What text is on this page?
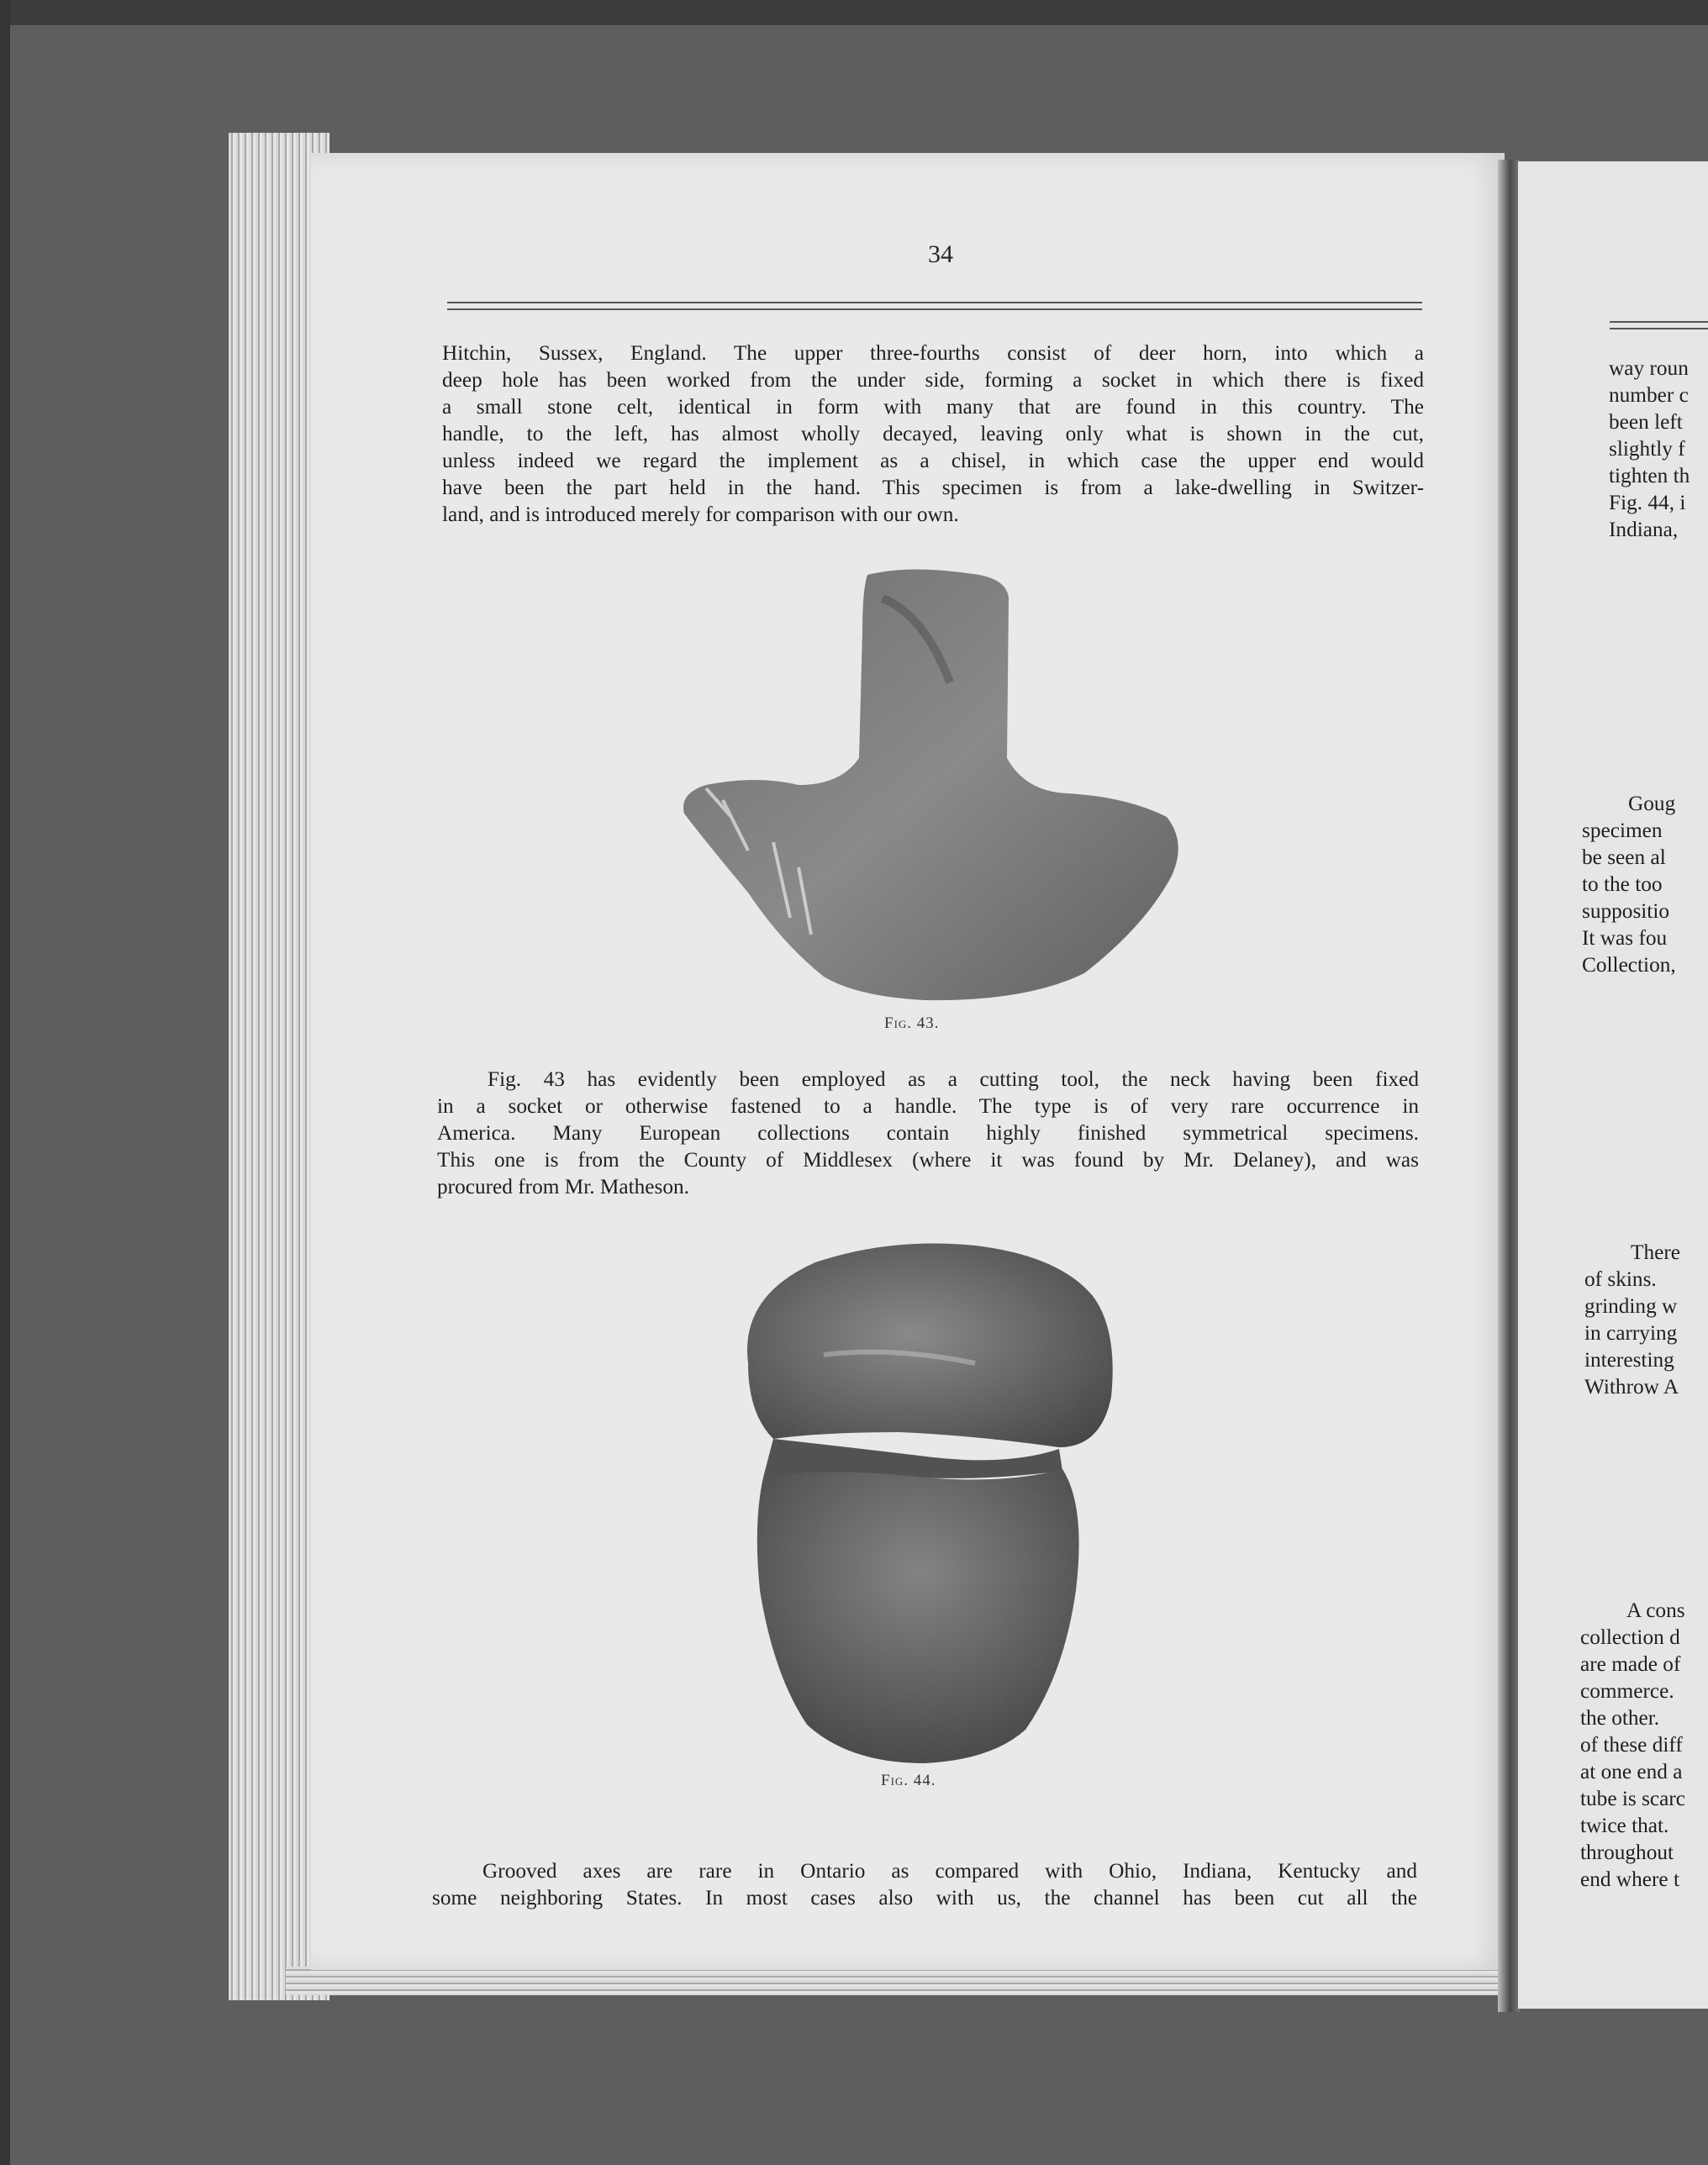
34
Hitchin, Sussex, England. The upper three-fourths consist of deer horn, into which a
deep hole has been worked from the under side, forming a socket in which there is fixed
a small stone celt, identical in form with many that are found in this country. The
handle, to the left, has almost wholly decayed, leaving only what is shown in the cut,
unless indeed we regard the implement as a chisel, in which case the upper end would
have been the part held in the hand. This specimen is from a lake-dwelling in Switzer-
land, and is introduced merely for comparison with our own.
Fig. 43.
Fig. 43 has evidently been employed as a cutting tool, the neck having been fixed
in a socket or otherwise fastened to a handle. The type is of very rare occurrence in
America. Many European collections contain highly finished symmetrical specimens.
This one is from the County of Middlesex (where it was found by Mr. Delaney), and was
procured from Mr. Matheson.
Fig. 44.
Grooved axes are rare in Ontario as compared with Ohio, Indiana, Kentucky and
some neighboring States. In most cases also with us, the channel has been cut all the
way roun
number c
been left
slightly f
tighten th
Fig. 44, i
Indiana,
Goug
specimen
be seen al
to the too
suppositio
It was fou
Collection,
There
of skins.
grinding w
in carrying
interesting
Withrow A
A cons
collection d
are made of
commerce.
the other.
of these diff
at one end a
tube is scarc
twice that.
throughout
end where t
